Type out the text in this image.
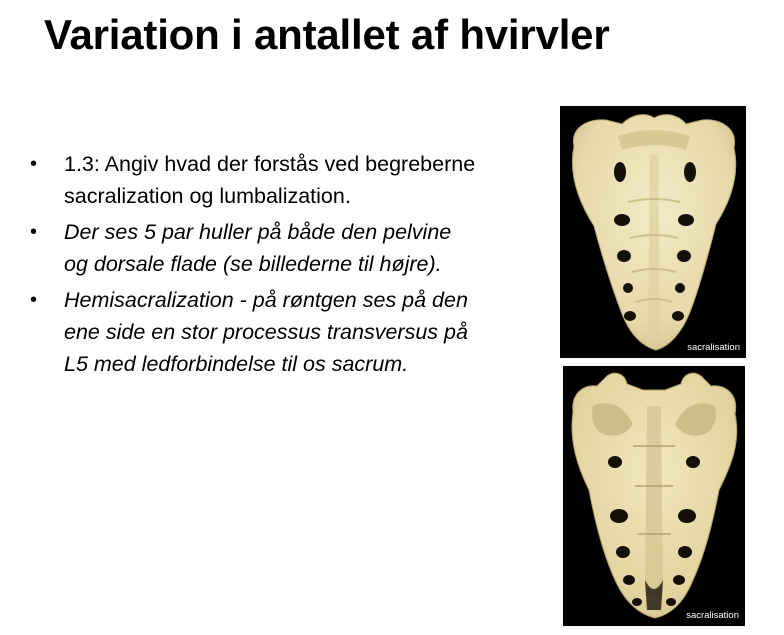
Variation i antallet af hvirvler
• 1.3: Angiv hvad der forstås ved begreberne sacralization og lumbalization.
• Der ses 5 par huller på både den pelvine og dorsale flade (se billederne til højre).
• Hemisacralization - på røntgen ses på den ene side en stor processus transversus på L5 med ledforbindelse til os sacrum.
sacralisation
sacralisation
